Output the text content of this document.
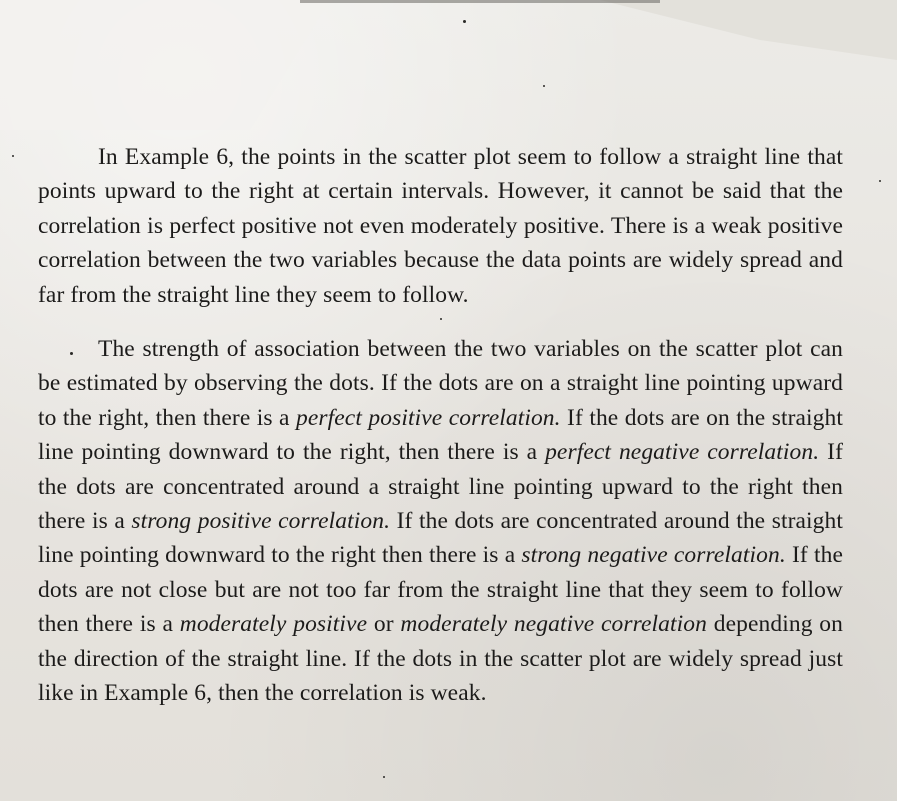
In Example 6, the points in the scatter plot seem to follow a straight line that points upward to the right at certain intervals. However, it cannot be said that the correlation is perfect positive not even moderately positive. There is a weak positive correlation between the two variables because the data points are widely spread and far from the straight line they seem to follow.

The strength of association between the two variables on the scatter plot can be estimated by observing the dots. If the dots are on a straight line pointing upward to the right, then there is a perfect positive correlation. If the dots are on the straight line pointing downward to the right, then there is a perfect negative correlation. If the dots are concentrated around a straight line pointing upward to the right then there is a strong positive correlation. If the dots are concentrated around the straight line pointing downward to the right then there is a strong negative correlation. If the dots are not close but are not too far from the straight line that they seem to follow then there is a moderately positive or moderately negative correlation depending on the direction of the straight line. If the dots in the scatter plot are widely spread just like in Example 6, then the correlation is weak.
